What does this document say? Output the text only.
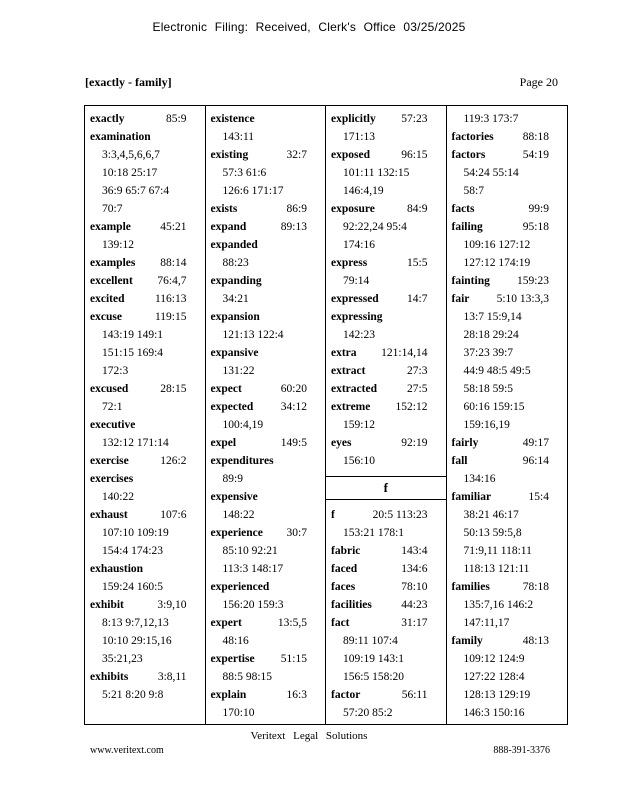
Electronic Filing: Received, Clerk's Office 03/25/2025
[exactly - family]	Page 20
exactly	85:9
examination
3:3,4,5,6,6,7
10:18 25:17
36:9 65:7 67:4
70:7
example	45:21
139:12
examples 88:14
excellent 76:4,7
excited	116:13
excuse	119:15
143:19 149:1
151:15 169:4
172:3
excused	28:15
72:1
executive
132:12 171:14
exercise	126:2
exercises
140:22
exhaust	107:6
107:10 109:19
154:4 174:23
exhaustion
159:24 160:5
exhibit	3:9,10
8:13 9:7,12,13
10:10 29:15,16
35:21,23
exhibits	3:8,11
5:21 8:20 9:8
existence
143:11
existing	32:7
57:3 61:6
126:6 171:17
exists	86:9
expand	89:13
expanded
88:23
expanding
34:21
expansion
121:13 122:4
expansive
131:22
expect	60:20
expected 34:12
100:4,19
expel	149:5
expenditures
89:9
expensive
148:22
experience 30:7
85:10 92:21
113:3 148:17
experienced
156:20 159:3
expert	13:5,5
48:16
expertise 51:15
88:5 98:15
explain	16:3
170:10
explicitly 57:23
171:13
exposed	96:15
101:11 132:15
146:4,19
exposure	84:9
92:22,24 95:4
174:16
express	15:5
79:14
expressed 14:7
expressing
142:23
extra 121:14,14
extract	27:3
extracted	27:5
extreme 152:12
159:12
eyes	92:19
156:10
f
f	20:5 113:23
153:21 178:1
fabric	143:4
faced	134:6
faces	78:10
facilities	44:23
fact	31:17
89:11 107:4
109:19 143:1
156:5 158:20
factor	56:11
57:20 85:2
119:3 173:7
factories	88:18
factors	54:19
54:24 55:14
58:7
facts	99:9
failing	95:18
109:16 127:12
127:12 174:19
fainting 159:23
fair 5:10 13:3,3
13:7 15:9,14
28:18 29:24
37:23 39:7
44:9 48:5 49:5
58:18 59:5
60:16 159:15
159:16,19
fairly	49:17
fall	96:14
134:16
familiar	15:4
38:21 46:17
50:13 59:5,8
71:9,11 118:11
118:13 121:11
families	78:18
135:7,16 146:2
147:11,17
family	48:13
109:12 124:9
127:22 128:4
128:13 129:19
146:3 150:16
Veritext Legal Solutions
www.veritext.com	888-391-3376
